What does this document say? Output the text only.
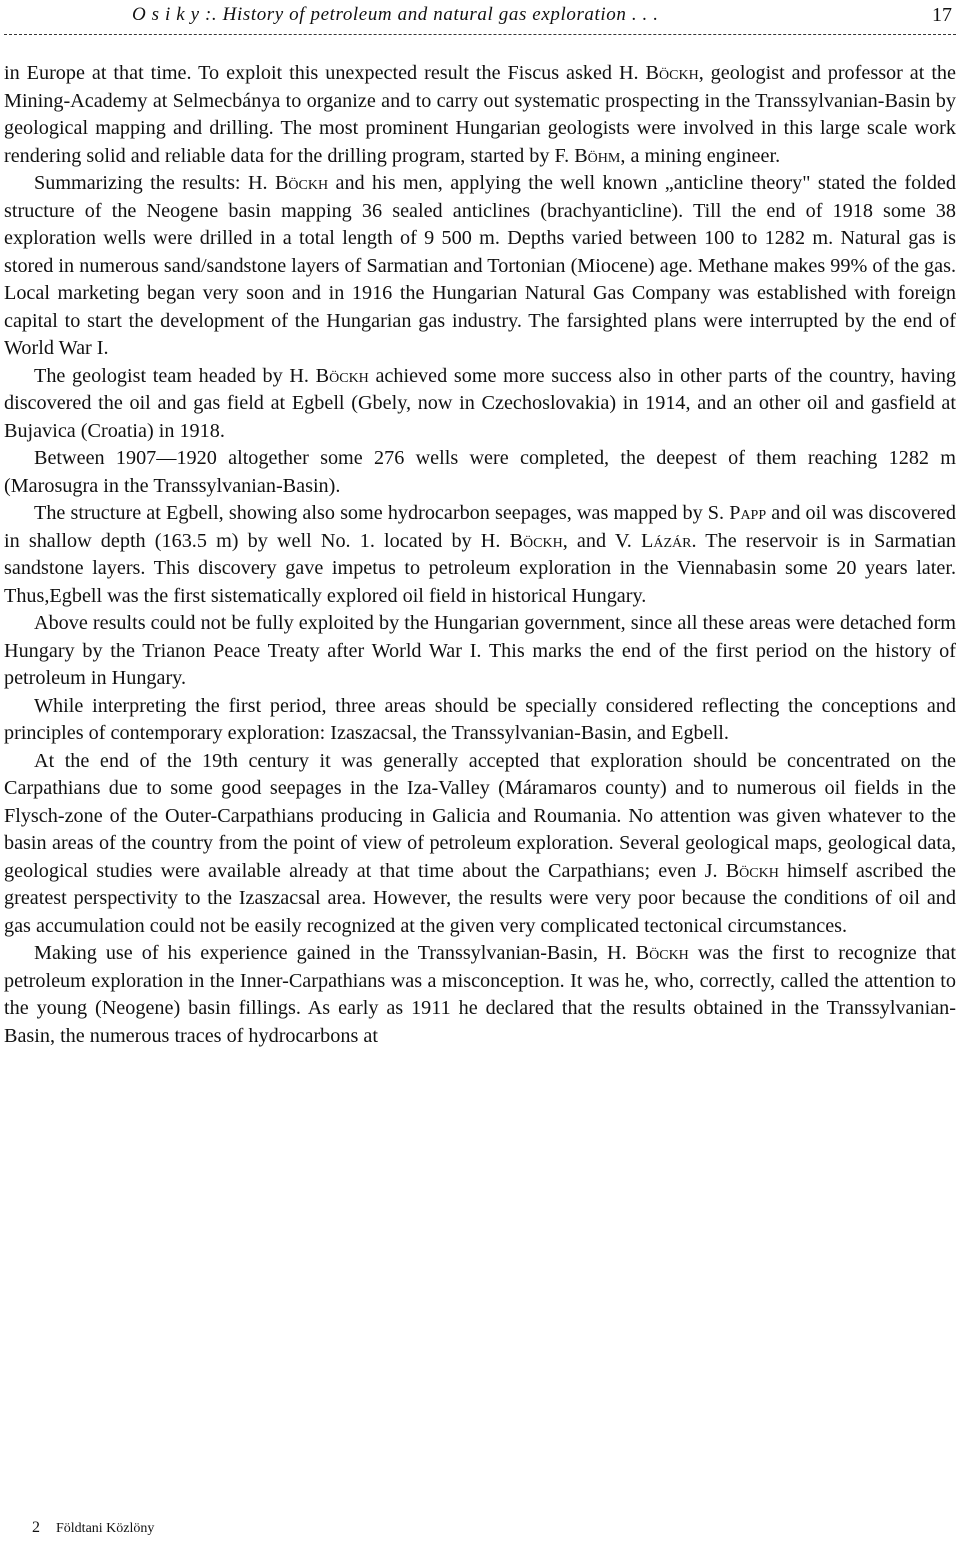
O s i k y :. History of petroleum and natural gas exploration . . .	17

in Europe at that time. To exploit this unexpected result the Fiscus asked H. Böckh, geologist and professor at the Mining-Academy at Selmecbánya to organize and to carry out systematic prospecting in the Transsylvanian-Basin by geological mapping and drilling. The most prominent Hungarian geologists were involved in this large scale work rendering solid and reliable data for the drilling program, started by F. Böhm, a mining engineer.

Summarizing the results: H. Böckh and his men, applying the well known „anticline theory" stated the folded structure of the Neogene basin mapping 36 sealed anticlines (brachyanticline). Till the end of 1918 some 38 exploration wells were drilled in a total length of 9 500 m. Depths varied between 100 to 1282 m. Natural gas is stored in numerous sand/sandstone layers of Sarmatian and Tortonian (Miocene) age. Methane makes 99% of the gas. Local marketing began very soon and in 1916 the Hungarian Natural Gas Company was established with foreign capital to start the development of the Hungarian gas industry. The farsighted plans were interrupted by the end of World War I.

The geologist team headed by H. Böckh achieved some more success also in other parts of the country, having discovered the oil and gas field at Egbell (Gbely, now in Czechoslovakia) in 1914, and an other oil and gasfield at Bujavica (Croatia) in 1918.

Between 1907—1920 altogether some 276 wells were completed, the deepest of them reaching 1282 m (Marosugra in the Transsylvanian-Basin).

The structure at Egbell, showing also some hydrocarbon seepages, was mapped by S. Papp and oil was discovered in shallow depth (163.5 m) by well No. 1. located by H. Böckh, and V. Lázár. The reservoir is in Sarmatian sandstone layers. This discovery gave impetus to petroleum exploration in the Viennabasin some 20 years later. Thus,Egbell was the first sistematically explored oil field in historical Hungary.

Above results could not be fully exploited by the Hungarian government, since all these areas were detached form Hungary by the Trianon Peace Treaty after World War I. This marks the end of the first period on the history of petroleum in Hungary.

While interpreting the first period, three areas should be specially considered reflecting the conceptions and principles of contemporary exploration: Izaszacsal, the Transsylvanian-Basin, and Egbell.

At the end of the 19th century it was generally accepted that exploration should be concentrated on the Carpathians due to some good seepages in the Iza-Valley (Máramaros county) and to numerous oil fields in the Flysch-zone of the Outer-Carpathians producing in Galicia and Roumania. No attention was given whatever to the basin areas of the country from the point of view of petroleum exploration. Several geological maps, geological data, geological studies were available already at that time about the Carpathians; even J. Böckh himself ascribed the greatest perspectivity to the Izaszacsal area. However, the results were very poor because the conditions of oil and gas accumulation could not be easily recognized at the given very complicated tectonical circumstances.

Making use of his experience gained in the Transsylvanian-Basin, H. Böckh was the first to recognize that petroleum exploration in the Inner-Carpathians was a misconception. It was he, who, correctly, called the attention to the young (Neogene) basin fillings. As early as 1911 he declared that the results obtained in the Transsylvanian-Basin, the numerous traces of hydrocarbons at

2 Földtani Közlöny
